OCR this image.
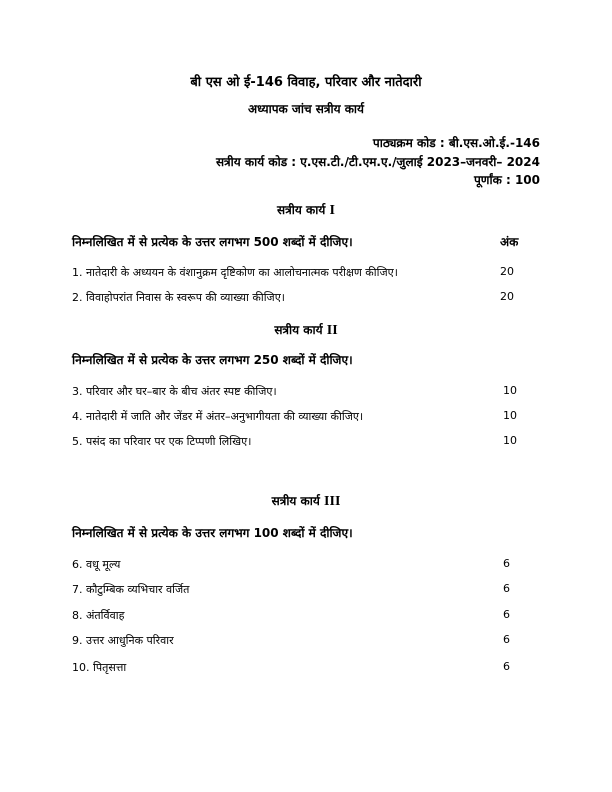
बी एस ओ ई-146 विवाह, परिवार और नातेदारी
अध्यापक जांच सत्रीय कार्य
पाठ्यक्रम कोड : बी.एस.ओ.ई.-146
सत्रीय कार्य कोड : ए.एस.टी./टी.एम.ए./जुलाई 2023–जनवरी– 2024
पूर्णांक : 100
सत्रीय कार्य I
निम्नलिखित में से प्रत्येक के उत्तर लगभग 500 शब्दों में दीजिए।	अंक
1. नातेदारी के अध्ययन के वंशानुक्रम दृष्टिकोण का आलोचनात्मक परीक्षण कीजिए।	20
2. विवाहोपरांत निवास के स्वरूप की व्याख्या कीजिए।	20
सत्रीय कार्य II
निम्नलिखित में से प्रत्येक के उत्तर लगभग 250 शब्दों में दीजिए।
3. परिवार और घर–बार के बीच अंतर स्पष्ट कीजिए।	10
4. नातेदारी में जाति और जेंडर में अंतर–अनुभागीयता की व्याख्या कीजिए।	10
5. पसंद का परिवार पर एक टिप्पणी लिखिए।	10
सत्रीय कार्य III
निम्नलिखित में से प्रत्येक के उत्तर लगभग 100 शब्दों में दीजिए।
6. वधू मूल्य	6
7. कौटुम्बिक व्यभिचार वर्जित	6
8. अंतर्विवाह	6
9. उत्तर आधुनिक परिवार	6
10. पितृसत्ता	6
